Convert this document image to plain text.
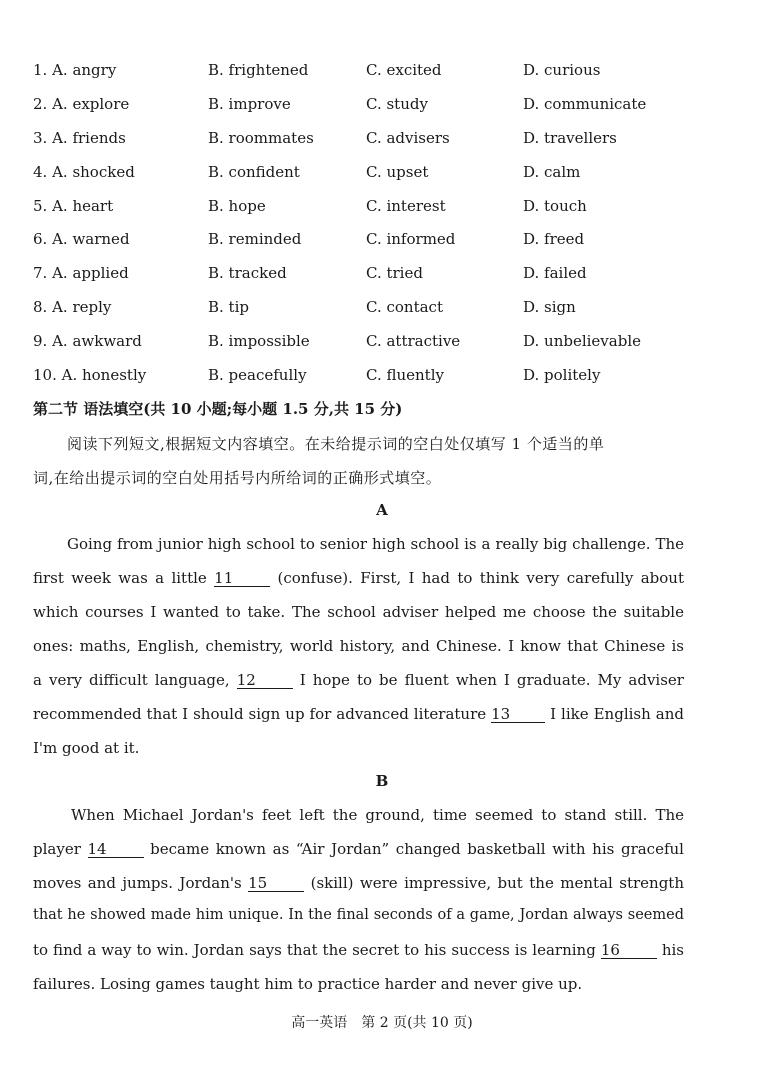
1. A. angry	B. frightened	C. excited	D. curious
2. A. explore	B. improve	C. study	D. communicate
3. A. friends	B. roommates	C. advisers	D. travellers
4. A. shocked	B. confident	C. upset	D. calm
5. A. heart	B. hope	C. interest	D. touch
6. A. warned	B. reminded	C. informed	D. freed
7. A. applied	B. tracked	C. tried	D. failed
8. A. reply	B. tip	C. contact	D. sign
9. A. awkward	B. impossible	C. attractive	D. unbelievable
10. A. honestly	B. peacefully	C. fluently	D. politely
第二节 语法填空(共 10 小题;每小题 1.5 分,共 15 分)
阅读下列短文,根据短文内容填空。在未给提示词的空白处仅填写 1 个适当的单
词,在给出提示词的空白处用括号内所给词的正确形式填空。
A
Going from junior high school to senior high school is a really big challenge. The
first week was a little 11	(confuse). First, I had to think very carefully about
which courses I wanted to take. The school adviser helped me choose the suitable
ones: maths, English, chemistry, world history, and Chinese. I know that Chinese is
a very difficult language, 12	I hope to be fluent when I graduate. My adviser
recommended that I should sign up for advanced literature 13	I like English and
I'm good at it.
B
When Michael Jordan's feet left the ground, time seemed to stand still. The
player 14	became known as “Air Jordan” changed basketball with his graceful
moves and jumps. Jordan's 15	(skill) were impressive, but the mental strength
that he showed made him unique. In the final seconds of a game, Jordan always seemed
to find a way to win. Jordan says that the secret to his success is learning 16	his
failures. Losing games taught him to practice harder and never give up.
高一英语　第 2 页(共 10 页)
